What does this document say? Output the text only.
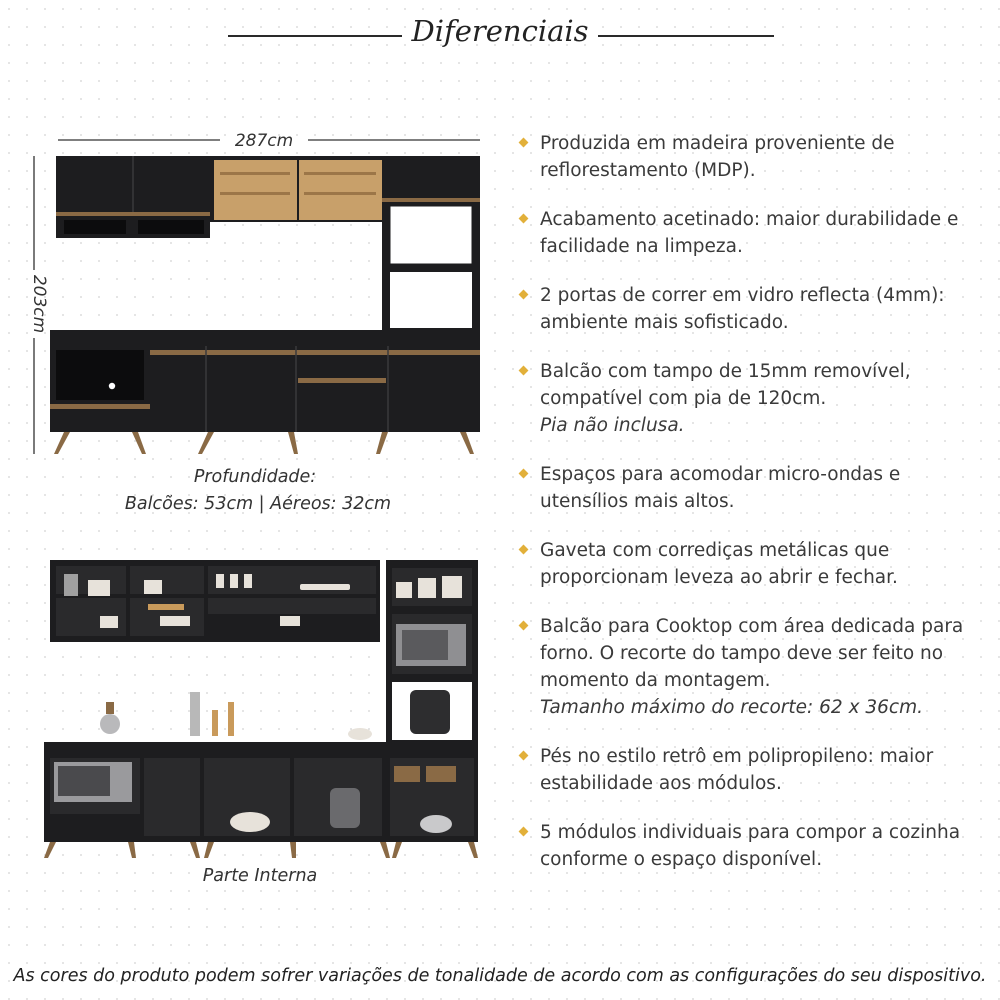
Diferenciais
287cm
203cm
Profundidade:
Balcões: 53cm | Aéreos: 32cm
Parte Interna
Produzida em madeira proveniente de reflorestamento (MDP).
Acabamento acetinado: maior durabilidade e facilidade na limpeza.
2 portas de correr em vidro reflecta (4mm): ambiente mais sofisticado.
Balcão com tampo de 15mm removível, compatível com pia de 120cm.
Pia não inclusa.
Espaços para acomodar micro-ondas e utensílios mais altos.
Gaveta com corrediças metálicas que proporcionam leveza ao abrir e fechar.
Balcão para Cooktop com área dedicada para forno. O recorte do tampo deve ser feito no momento da montagem.
Tamanho máximo do recorte: 62 x 36cm.
Pés no estilo retrô em polipropileno: maior estabilidade aos módulos.
5 módulos individuais para compor a cozinha conforme o espaço disponível.
As cores do produto podem sofrer variações de tonalidade de acordo com as configurações do seu dispositivo.
